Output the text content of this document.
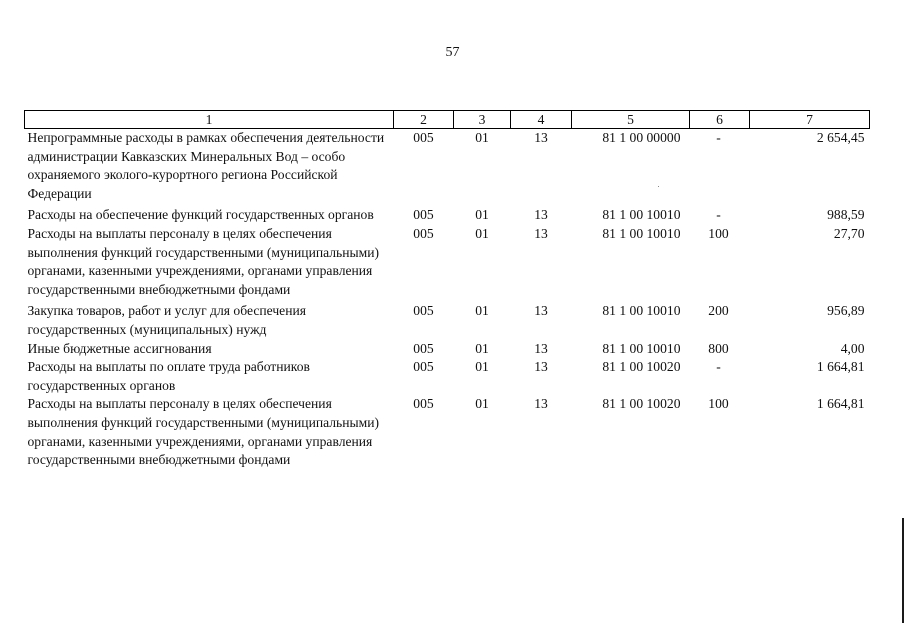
57
1	2	3	4	5	6	7
Непрограммные расходы в рамках обеспечения деятельности администрации Кавказских Минеральных Вод – особо охраняемого эколого-курортного региона Российской Федерации	005	01	13	81 1 00 00000	-	2 654,45
Расходы на обеспечение функций государственных органов	005	01	13	81 1 00 10010	-	988,59
Расходы на выплаты персоналу в целях обеспечения выполнения функций государственными (муниципальными) органами, казенными учреждениями, органами управления государственными внебюджетными фондами	005	01	13	81 1 00 10010	100	27,70
Закупка товаров, работ и услуг для обеспечения государственных (муниципальных) нужд	005	01	13	81 1 00 10010	200	956,89
Иные бюджетные ассигнования	005	01	13	81 1 00 10010	800	4,00
Расходы на выплаты по оплате труда работников государственных органов	005	01	13	81 1 00 10020	-	1 664,81
Расходы на выплаты персоналу в целях обеспечения выполнения функций государственными (муниципальными) органами, казенными учреждениями, органами управления государственными внебюджетными фондами	005	01	13	81 1 00 10020	100	1 664,81
